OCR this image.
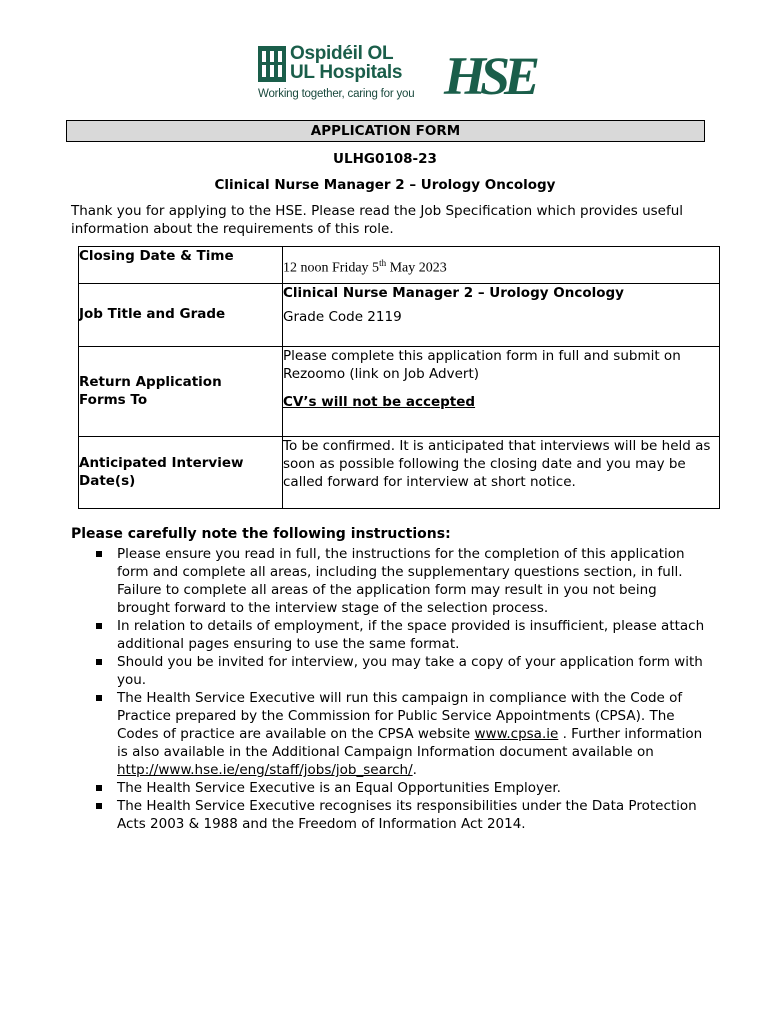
Ospidéil OL
UL Hospitals
Working together, caring for you HSE
APPLICATION FORM
ULHG0108-23
Clinical Nurse Manager 2 – Urology Oncology

Thank you for applying to the HSE. Please read the Job Specification which provides useful information about the requirements of this role.

Closing Date & Time	12 noon Friday 5th May 2023

Job Title and Grade	Clinical Nurse Manager 2 – Urology Oncology
Grade Code 2119

Return Application
Forms To	Please complete this application form in full and submit on Rezoomo (link on Job Advert)
CV’s will not be accepted

Anticipated Interview
Date(s)	To be confirmed. It is anticipated that interviews will be held as soon as possible following the closing date and you may be called forward for interview at short notice.
Please carefully note the following instructions:
Please ensure you read in full, the instructions for the completion of this application form and complete all areas, including the supplementary questions section, in full. Failure to complete all areas of the application form may result in you not being brought forward to the interview stage of the selection process.
In relation to details of employment, if the space provided is insufficient, please attach additional pages ensuring to use the same format.
Should you be invited for interview, you may take a copy of your application form with you.
The Health Service Executive will run this campaign in compliance with the Code of Practice prepared by the Commission for Public Service Appointments (CPSA). The Codes of practice are available on the CPSA website www.cpsa.ie . Further information is also available in the Additional Campaign Information document available on http://www.hse.ie/eng/staff/jobs/job_search/.
The Health Service Executive is an Equal Opportunities Employer.
The Health Service Executive recognises its responsibilities under the Data Protection Acts 2003 & 1988 and the Freedom of Information Act 2014.
